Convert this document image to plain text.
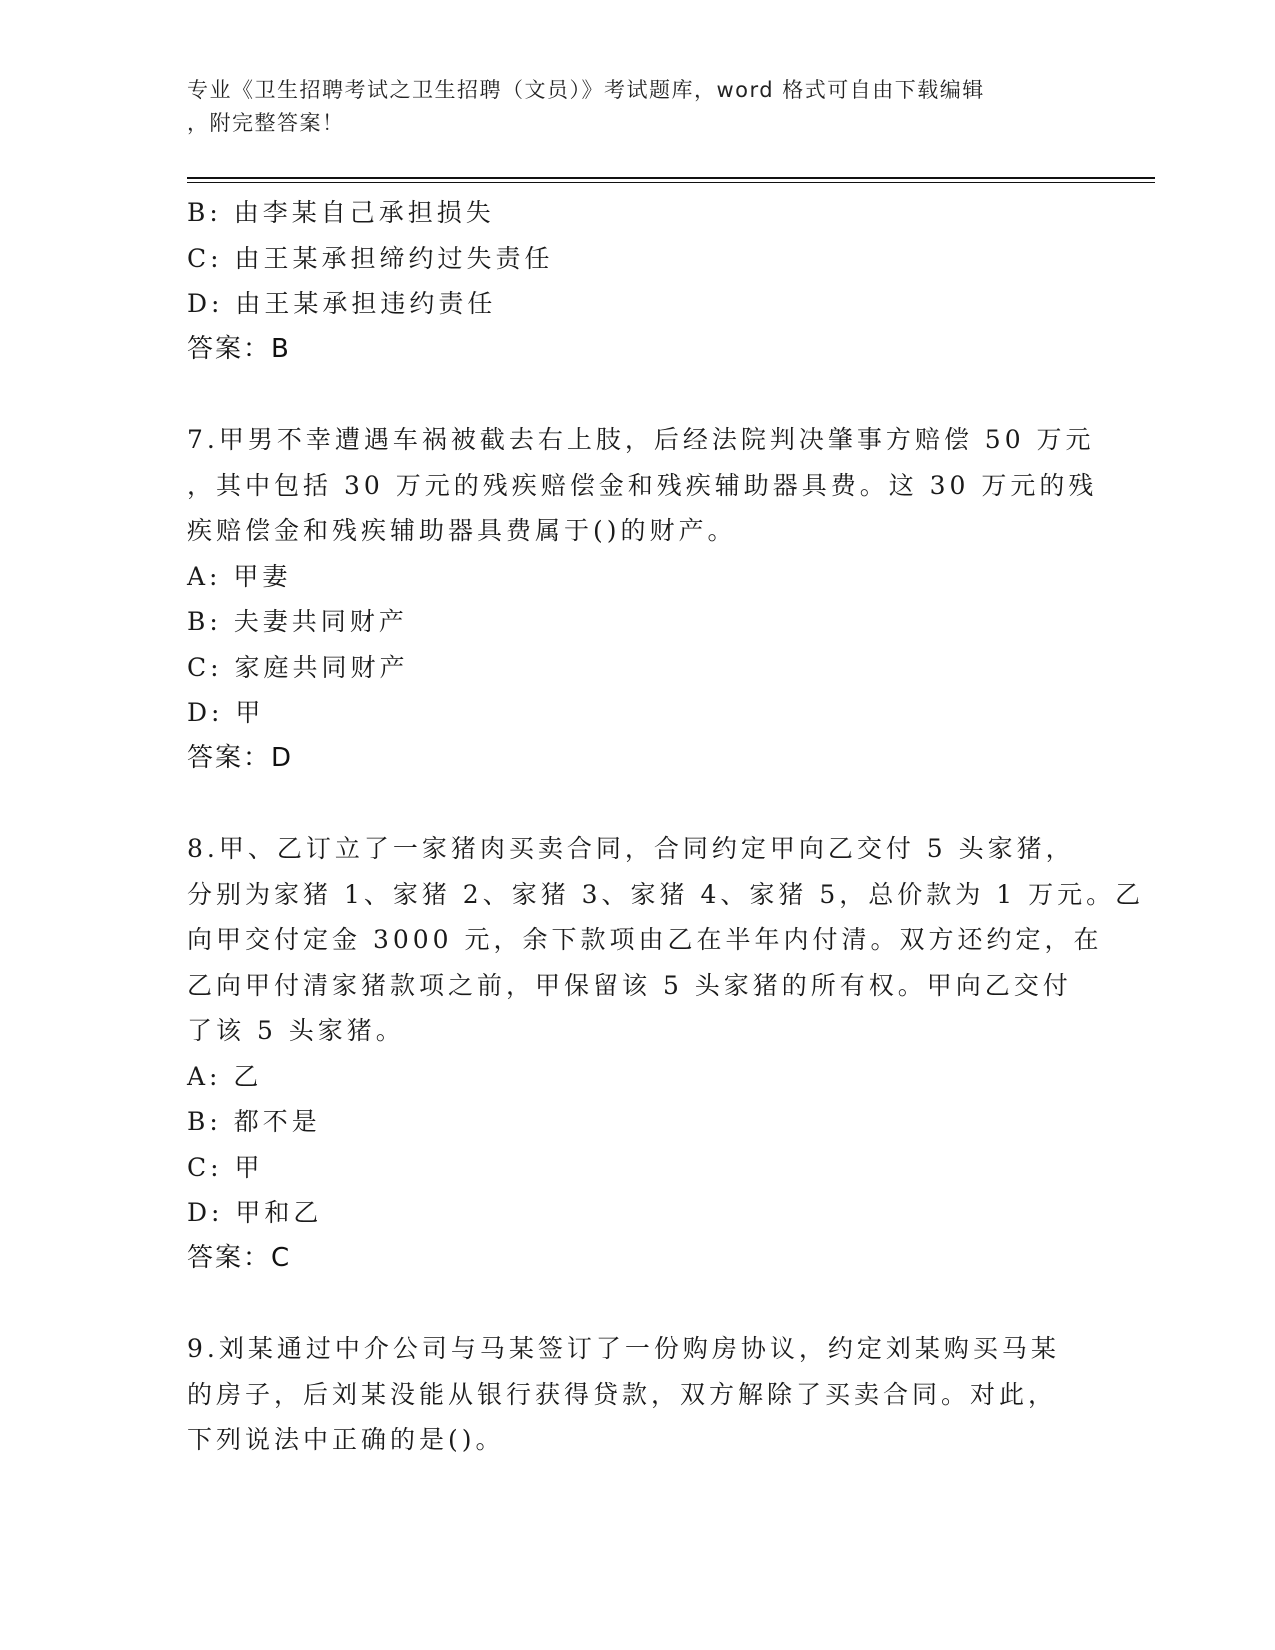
专业《卫生招聘考试之卫生招聘（文员）》考试题库，word 格式可自由下载编辑
，附完整答案！
B: 由李某自己承担损失
C: 由王某承担缔约过失责任
D: 由王某承担违约责任
答案：B
7.甲男不幸遭遇车祸被截去右上肢，后经法院判决肇事方赔偿 50 万元
，其中包括 30 万元的残疾赔偿金和残疾辅助器具费。这 30 万元的残
疾赔偿金和残疾辅助器具费属于()的财产。
A: 甲妻
B: 夫妻共同财产
C: 家庭共同财产
D: 甲
答案：D
8.甲、乙订立了一家猪肉买卖合同，合同约定甲向乙交付 5 头家猪，
分别为家猪 1、家猪 2、家猪 3、家猪 4、家猪 5，总价款为 1 万元。乙
向甲交付定金 3000 元，余下款项由乙在半年内付清。双方还约定，在
乙向甲付清家猪款项之前，甲保留该 5 头家猪的所有权。甲向乙交付
了该 5 头家猪。
A: 乙
B: 都不是
C: 甲
D: 甲和乙
答案：C
9.刘某通过中介公司与马某签订了一份购房协议，约定刘某购买马某
的房子，后刘某没能从银行获得贷款，双方解除了买卖合同。对此，
下列说法中正确的是()。
